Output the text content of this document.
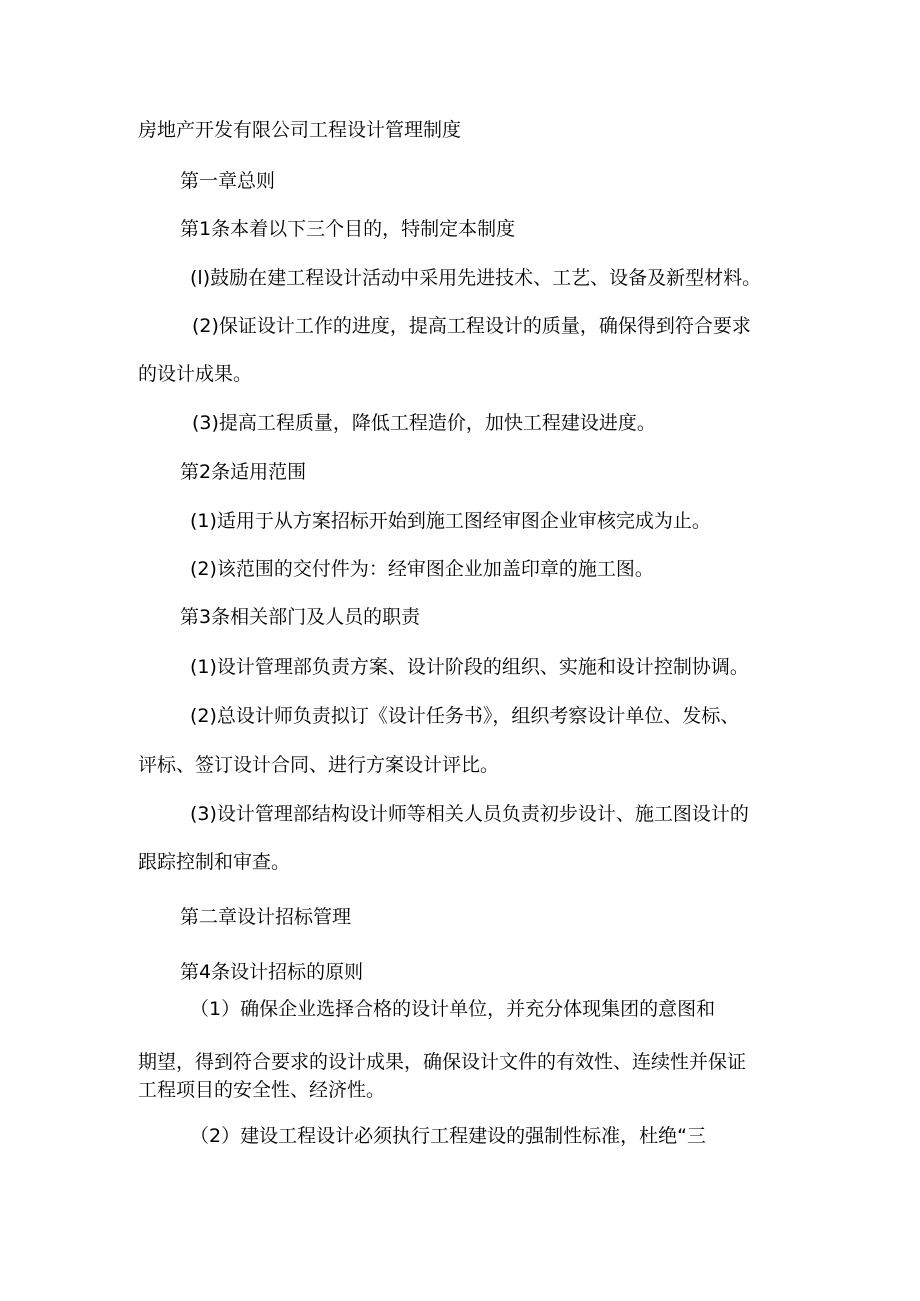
房地产开发有限公司工程设计管理制度
第一章总则
第1条本着以下三个目的，特制定本制度
(l)鼓励在建工程设计活动中采用先进技术、工艺、设备及新型材料。
(2)保证设计工作的进度，提高工程设计的质量，确保得到符合要求
的设计成果。
(3)提高工程质量，降低工程造价，加快工程建设进度。
第2条适用范围
(1)适用于从方案招标开始到施工图经审图企业审核完成为止。
(2)该范围的交付件为：经审图企业加盖印章的施工图。
第3条相关部门及人员的职责
(1)设计管理部负责方案、设计阶段的组织、实施和设计控制协调。
(2)总设计师负责拟订《设计任务书》，组织考察设计单位、发标、
评标、签订设计合同、进行方案设计评比。
(3)设计管理部结构设计师等相关人员负责初步设计、施工图设计的
跟踪控制和审查。
第二章设计招标管理
第4条设计招标的原则
（1）确保企业选择合格的设计单位，并充分体现集团的意图和
期望，得到符合要求的设计成果，确保设计文件的有效性、连续性并保证
工程项目的安全性、经济性。
（2）建设工程设计必须执行工程建设的强制性标准，杜绝“三
